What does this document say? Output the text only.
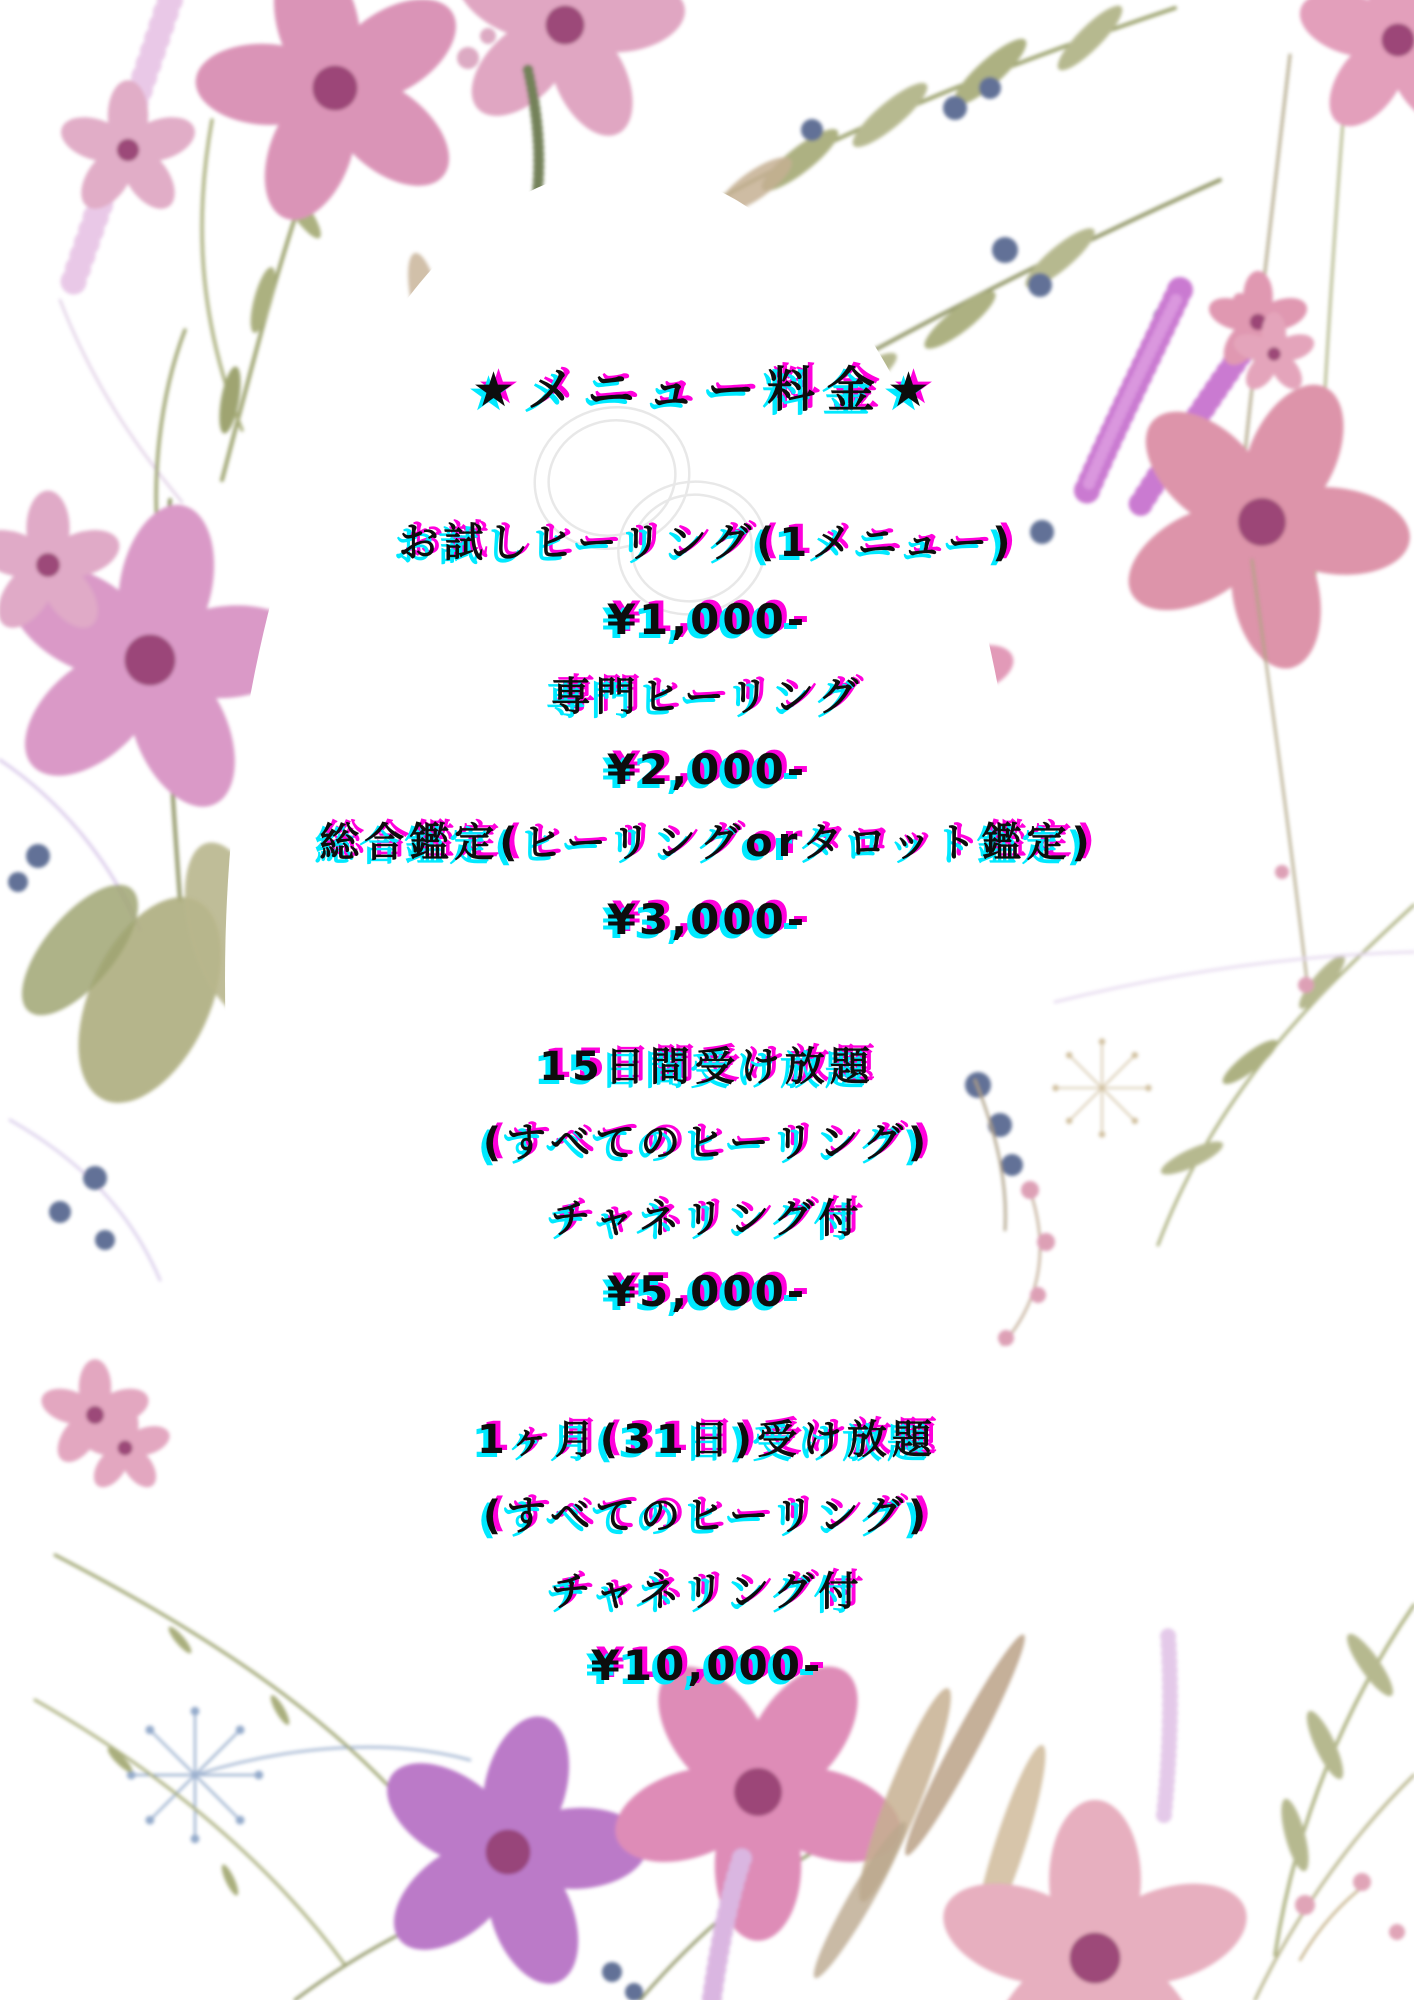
★メニュー料金★
お試しヒーリング(1メニュー)
¥1,000-
専門ヒーリング
¥2,000-
総合鑑定(ヒーリングorタロット鑑定)
¥3,000-
15日間受け放題
(すべてのヒーリング)
チャネリング付
¥5,000-
1ヶ月(31日)受け放題
(すべてのヒーリング)
チャネリング付
¥10,000-
